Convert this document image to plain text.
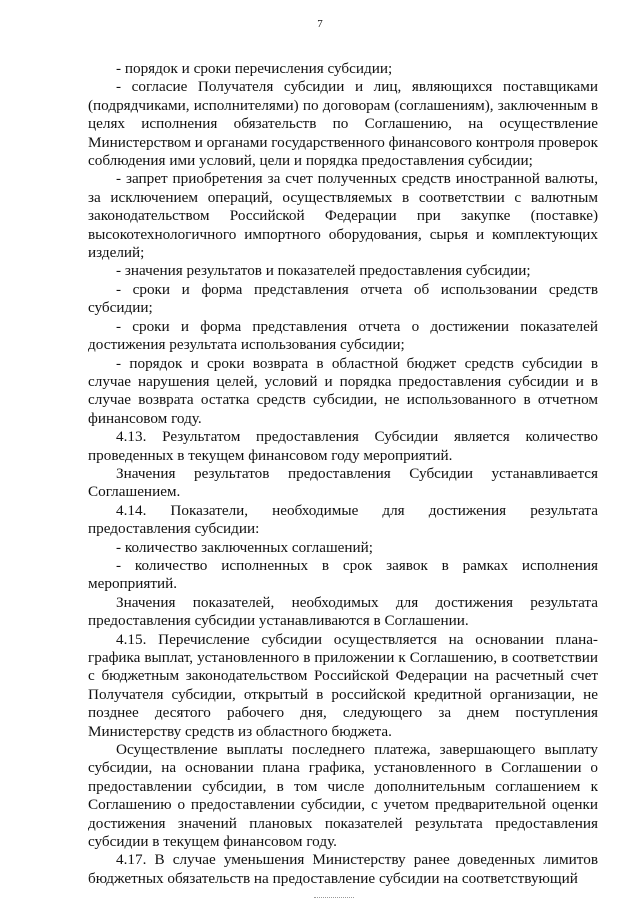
7

- порядок и сроки перечисления субсидии;

- согласие Получателя субсидии и лиц, являющихся поставщиками (подрядчиками, исполнителями) по договорам (соглашениям), заключенным в целях исполнения обязательств по Соглашению, на осуществление Министерством и органами государственного финансового контроля проверок соблюдения ими условий, цели и порядка предоставления субсидии;

- запрет приобретения за счет полученных средств иностранной валюты, за исключением операций, осуществляемых в соответствии с валютным законодательством Российской Федерации при закупке (поставке) высокотехнологичного импортного оборудования, сырья и комплектующих изделий;

- значения результатов и показателей предоставления субсидии;

- сроки и форма представления отчета об использовании средств субсидии;

- сроки и форма представления отчета о достижении показателей достижения результата использования субсидии;

- порядок и сроки возврата в областной бюджет средств субсидии в случае нарушения целей, условий и порядка предоставления субсидии и в случае возврата остатка средств субсидии, не использованного в отчетном финансовом году.

4.13. Результатом предоставления Субсидии является количество проведенных в текущем финансовом году мероприятий.

Значения результатов предоставления Субсидии устанавливается Соглашением.

4.14. Показатели, необходимые для достижения результата предоставления субсидии:

- количество заключенных соглашений;

- количество исполненных в срок заявок в рамках исполнения мероприятий.

Значения показателей, необходимых для достижения результата предоставления субсидии устанавливаются в Соглашении.

4.15. Перечисление субсидии осуществляется на основании плана-графика выплат, установленного в приложении к Соглашению, в соответствии с бюджетным законодательством Российской Федерации на расчетный счет Получателя субсидии, открытый в российской кредитной организации, не позднее десятого рабочего дня, следующего за днем поступления Министерству средств из областного бюджета.

Осуществление выплаты последнего платежа, завершающего выплату субсидии, на основании плана графика, установленного в Соглашении о предоставлении субсидии, в том числе дополнительным соглашением к Соглашению о предоставлении субсидии, с учетом предварительной оценки достижения значений плановых показателей результата предоставления субсидии в текущем финансовом году.

4.17. В случае уменьшения Министерству ранее доведенных лимитов бюджетных обязательств на предоставление субсидии на соответствующий
